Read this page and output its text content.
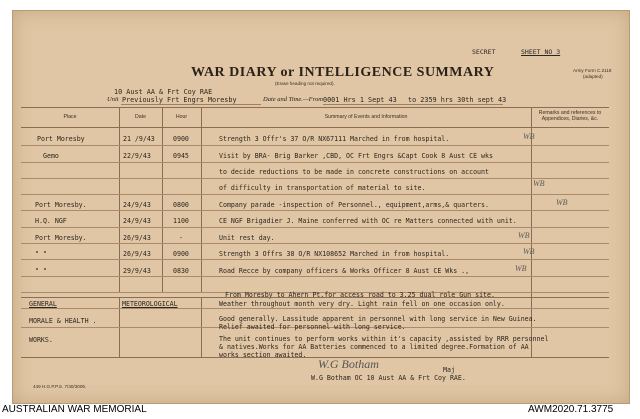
SECRET	SHEET NO 3
Army Form C.2118
(adapted)
WAR DIARY or INTELLIGENCE SUMMARY
(Erase heading not required).
10 Aust AA & Frt Coy RAE
Unit Previously Frt Engrs Moresby	Date and Time.—From 0001 Hrs 1 Sept 43 to 2359 hrs 30th sept 43
Place	Date	Hour	Summary of Events and Information
Remarks and references to Appendices, Diaries, &c.
Port Moresby	21 /9/43	0900	Strength 3 Offr's 37 O/R NX67111 Marched in from hospital.	WB
Gemo	22/9/43	0945	Visit by BRA- Brig Barker ,CBD, OC Frt Engrs &Capt Cook 8 Aust CE wks
to decide reductions to be made in concrete constructions on account
of difficulty in transportation of material to site.	WB
Port Moresby.	24/9/43	0800	Company parade -inspection of Personnel., equipment,arms,& quarters.	WB
H.Q. NGF	24/9/43	1100	CE NGF Brigadier J. Maine conferred with OC re Matters connected with unit.
Port Moresby.	26/9/43	-	Unit rest day.	WB
" "	26/9/43	0900	Strength 3 Offrs 38 O/R NX108652 Marched in from hospital.	WB
" "	29/9/43	0830	Road Recce by company officers & Works Officer 8 Aust CE Wks .,	WB
From Moresby to Ahern Pt.for access road to 3.25 dual role Gun site.
GENERAL	METEOROLOGICAL	Weather throughout month very dry. Light rain fell on one occasion only.
MORALE & HEALTH .	Good generally. Lassitude apparent in personnel with long service in New Guinea.
Relief awaited for personnel with long service.
WORKS.	The unit continues to perform works within it's capacity ,assisted by RRR personnel
& natives.Works for AA Batteries commenced to a limited degree.Formation of AA
works section awaited.
W.G Botham	Maj
W.G Botham OC 10 Aust AA & Frt Coy RAE.
449 H.G.P.P.S. 7/40/3006.
AUSTRALIAN WAR MEMORIAL	AWM2020.71.3775
